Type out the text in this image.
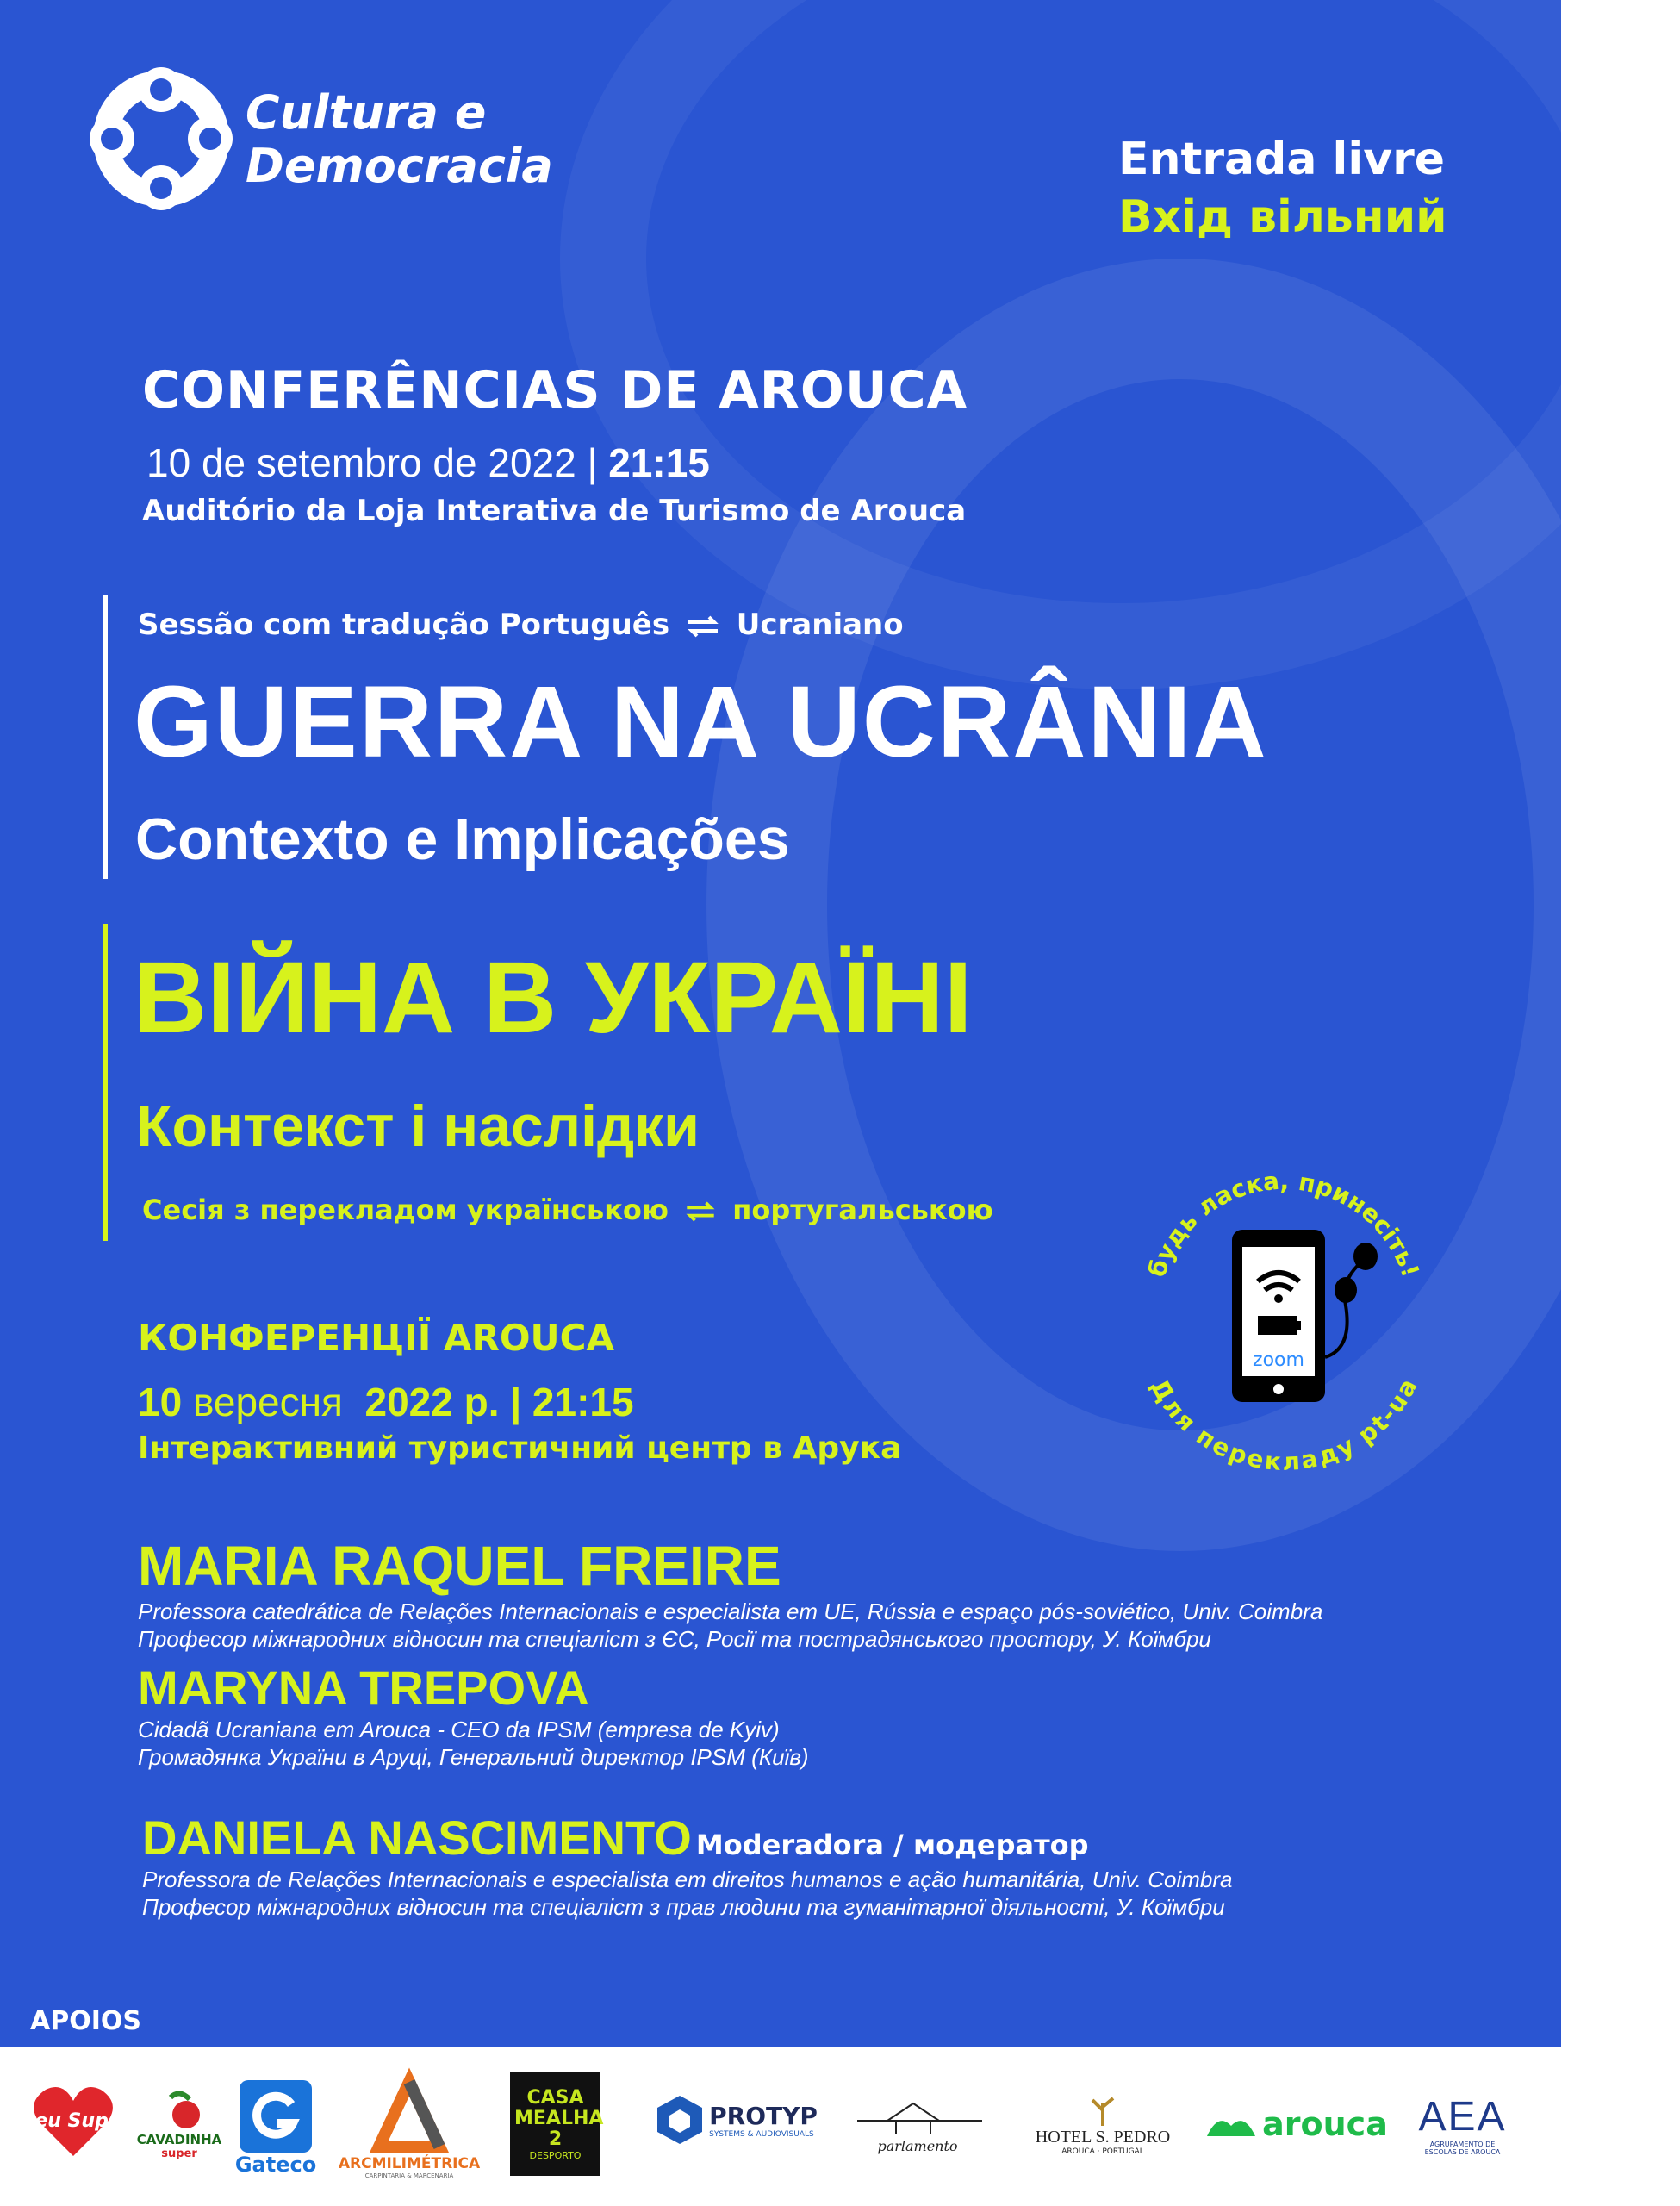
Cultura e
Democracia	Entrada livre
Вхід вільний
CONFERÊNCIAS DE AROUCA
10 de setembro de 2022 | 21:15
Auditório da Loja Interativa de Turismo de Arouca
Sessão com tradução Português Ucraniano
GUERRA NA UCRÂNIA
Contexto e Implicações
ВІЙНА В УКРАЇНІ
Контекст і наслідки
Сесія з перекладом українською португальською
будь ласка, принесіть!
Для перекладу pt-ua
zoom
КОНФЕРЕНЦІЇ AROUCA
10 вересня 2022 р. | 21:15
Інтерактивний туристичний центр в Арука
MARIA RAQUEL FREIRE
Professora catedrática de Relações Internacionais e especialista em UE, Rússia e espaço pós-soviético, Univ. Coimbra
Професор міжнародних відносин та спеціаліст з ЄС, Росії та пострадянського простору, У. Коїмбри
MARYNA TREPOVA
Cidadã Ucraniana em Arouca - CEO da IPSM (empresa de Kyiv)
Громадянка України в Аруці, Генеральний директор IPSM (Київ)
DANIELA NASCIMENTO Moderadora / модератор
Professora de Relações Internacionais e especialista em direitos humanos e ação humanitária, Univ. Coimbra
Професор міжнародних відносин та спеціаліст з прав людини та гуманітарної діяльності, У. Коїмбри
APOIOS
Meu Super
CAVADINHA
super Gateco ARCMILIMÉTRICA
CARPINTARIA & MARCENARIA
CASA MEALHA 2
DESPORTO
PROTYP
SYSTEMS & AUDIOVISUALS
parlamento	HOTEL S. PEDRO
AROUCA · PORTUGAL
arouca AEA
AGRUPAMENTO DE ESCOLAS DE AROUCA
